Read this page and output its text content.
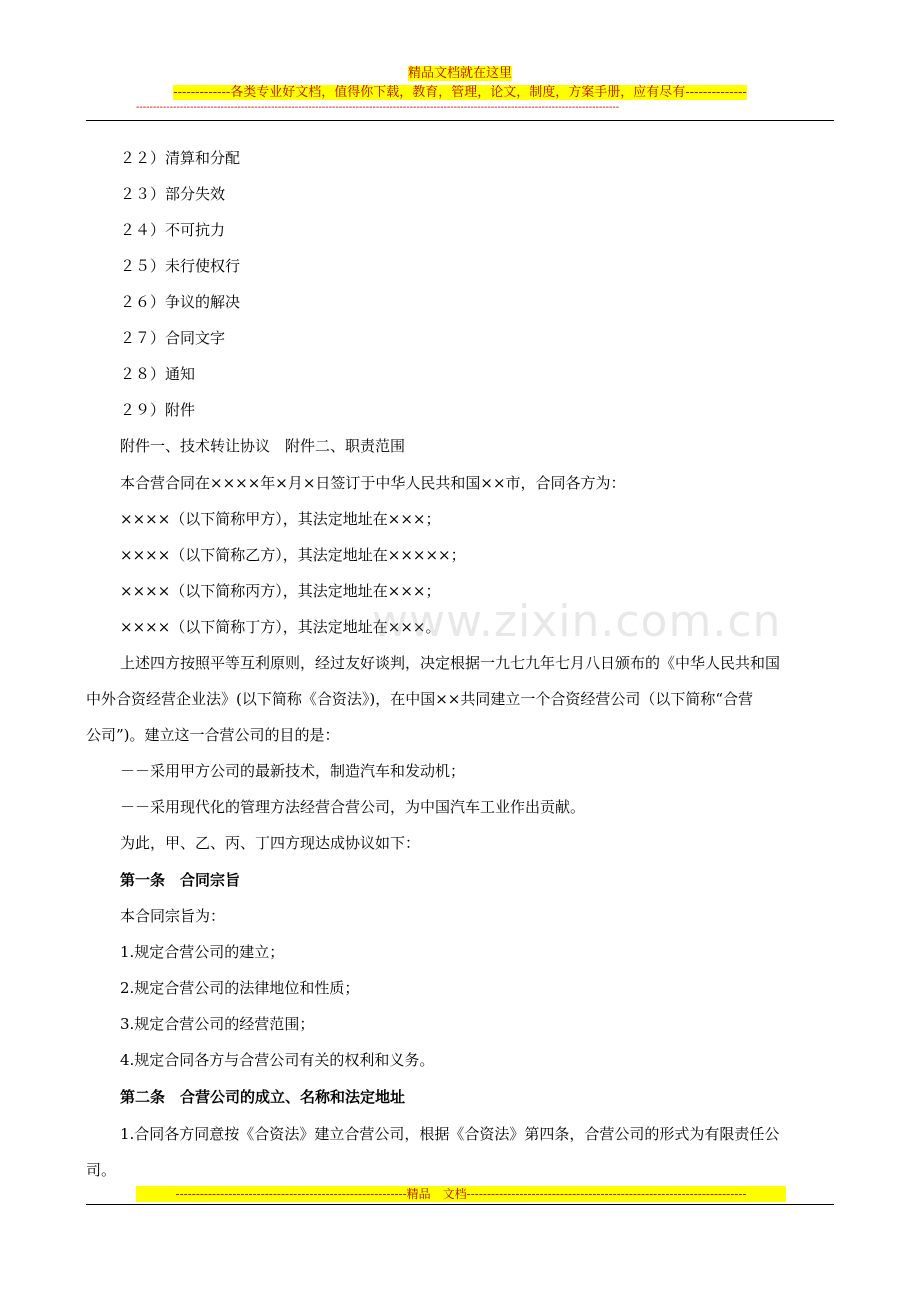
精品文档就在这里
-------------各类专业好文档，值得你下载，教育，管理，论文，制度，方案手册，应有尽有--------------
-----------------------------------------------------------------------------------------------------------------------------------------------
２２）清算和分配
２３）部分失效
２４）不可抗力
２５）未行使权行
２６）争议的解决
２７）合同文字
２８）通知
２９）附件
附件一、技术转让协议　附件二、职责范围
本合营合同在××××年×月×日签订于中华人民共和国××市，合同各方为：
××××（以下简称甲方），其法定地址在×××；
××××（以下简称乙方），其法定地址在×××××；
××××（以下简称丙方），其法定地址在×××；
××××（以下简称丁方），其法定地址在×××。
上述四方按照平等互利原则，经过友好谈判，决定根据一九七九年七月八日颁布的《中华人民共和国
中外合资经营企业法》(以下简称《合资法》)，在中国××共同建立一个合资经营公司（以下简称“合营
公司”)。建立这一合营公司的目的是：
－－采用甲方公司的最新技术，制造汽车和发动机；
－－采用现代化的管理方法经营合营公司，为中国汽车工业作出贡献。
为此，甲、乙、丙、丁四方现达成协议如下：
第一条　合同宗旨
本合同宗旨为：
1.规定合营公司的建立；
2.规定合营公司的法律地位和性质；
3.规定合营公司的经营范围；
4.规定合同各方与合营公司有关的权利和义务。
第二条　合营公司的成立、名称和法定地址
1.合同各方同意按《合资法》建立合营公司，根据《合资法》第四条，合营公司的形式为有限责任公
司。
www.zixin.com.cn
---------------------------------------------------------精品　文档---------------------------------------------------------------------
